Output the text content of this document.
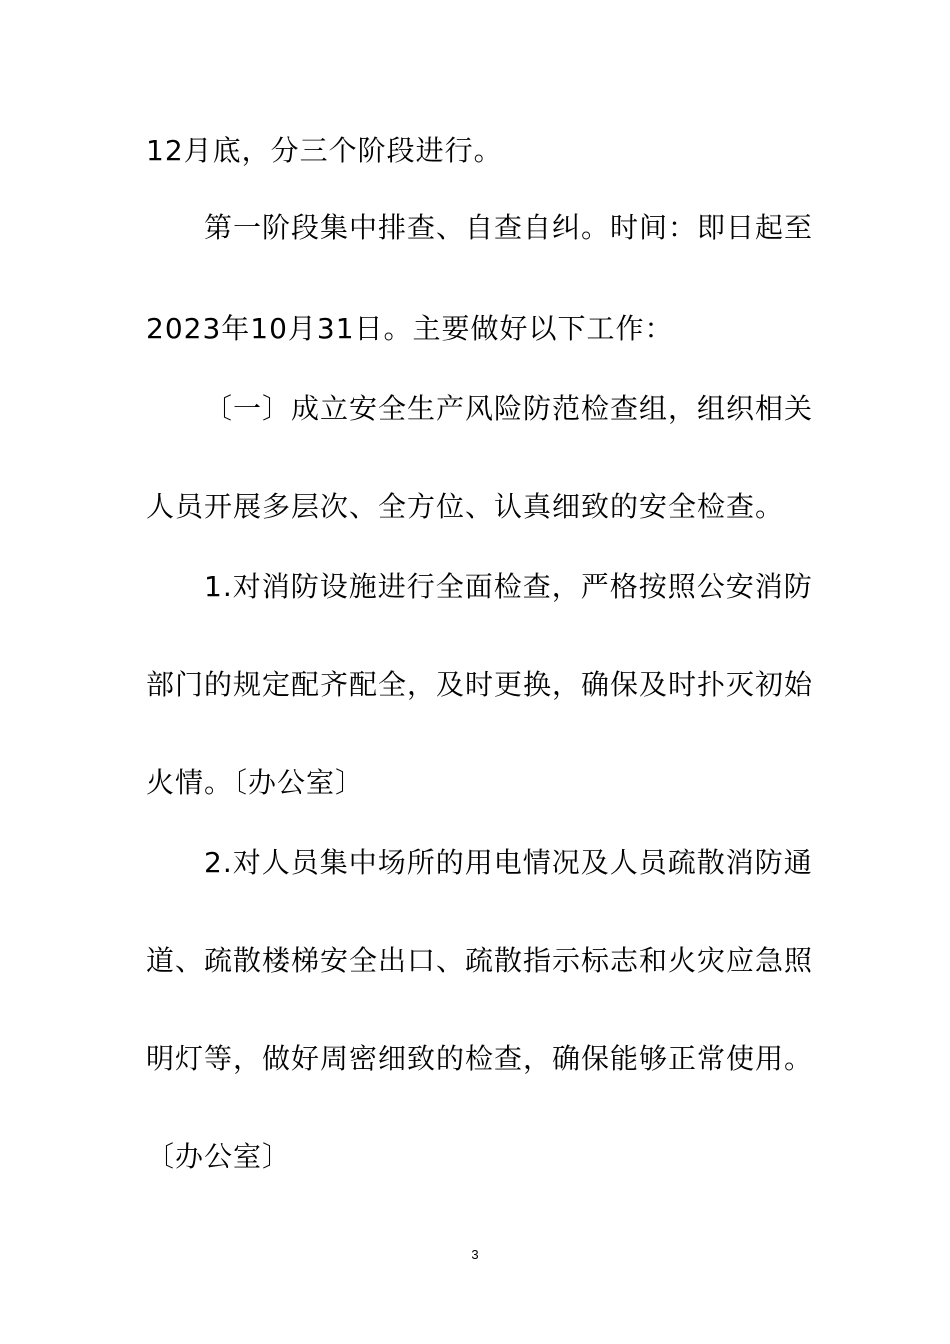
12月底，分三个阶段进行。
第一阶段集中排查、自查自纠。时间：即日起至
2023年10月31日。主要做好以下工作：
〔一〕成立安全生产风险防范检查组，组织相关
人员开展多层次、全方位、认真细致的安全检查。
1.对消防设施进行全面检查，严格按照公安消防
部门的规定配齐配全，及时更换，确保及时扑灭初始
火情。〔办公室〕
2.对人员集中场所的用电情况及人员疏散消防通
道、疏散楼梯安全出口、疏散指示标志和火灾应急照
明灯等，做好周密细致的检查，确保能够正常使用。
〔办公室〕
3
